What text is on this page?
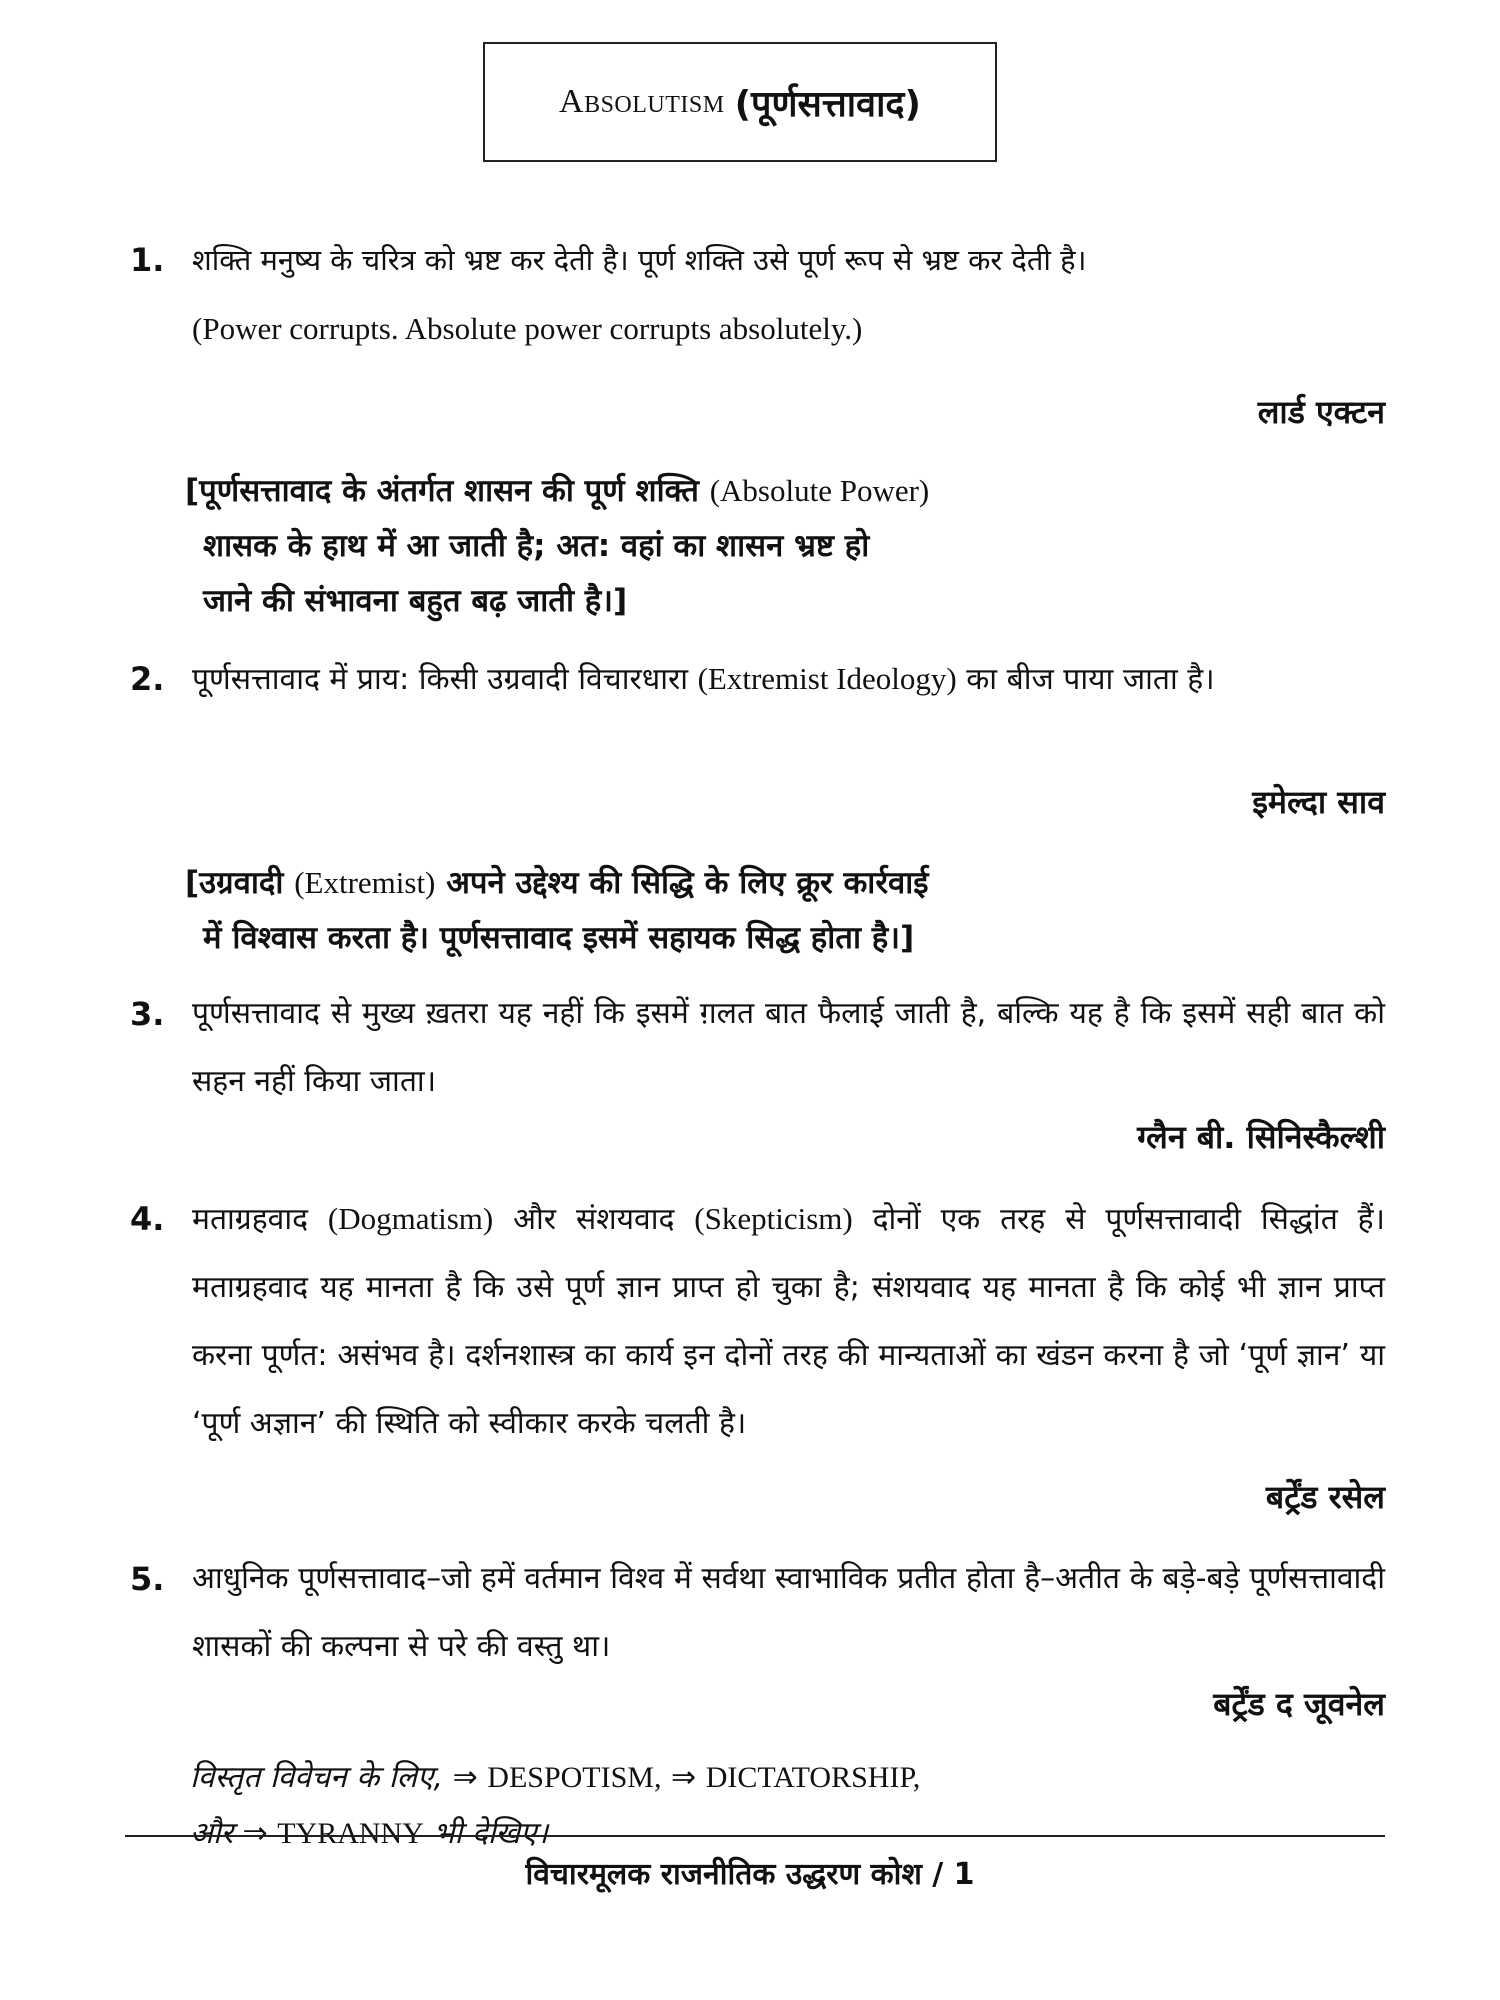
Absolutism (पूर्णसत्तावाद)
1. शक्ति मनुष्य के चरित्र को भ्रष्ट कर देती है। पूर्ण शक्ति उसे पूर्ण रूप से भ्रष्ट कर देती है।
(Power corrupts. Absolute power corrupts absolutely.)
लार्ड एक्टन
[पूर्णसत्तावाद के अंतर्गत शासन की पूर्ण शक्ति (Absolute Power)
शासक के हाथ में आ जाती है; अत: वहां का शासन भ्रष्ट हो
जाने की संभावना बहुत बढ़ जाती है।]
2. पूर्णसत्तावाद में प्राय: किसी उग्रवादी विचारधारा (Extremist Ideology) का बीज पाया जाता है।
इमेल्दा साव
[उग्रवादी (Extremist) अपने उद्देश्य की सिद्धि के लिए क्रूर कार्रवाई
में विश्वास करता है। पूर्णसत्तावाद इसमें सहायक सिद्ध होता है।]
3. पूर्णसत्तावाद से मुख्य ख़तरा यह नहीं कि इसमें ग़लत बात फैलाई जाती है, बल्कि यह है कि इसमें सही बात को सहन नहीं किया जाता।
ग्लैन बी. सिनिस्कैल्शी
4. मताग्रहवाद (Dogmatism) और संशयवाद (Skepticism) दोनों एक तरह से पूर्णसत्तावादी सिद्धांत हैं। मताग्रहवाद यह मानता है कि उसे पूर्ण ज्ञान प्राप्त हो चुका है; संशयवाद यह मानता है कि कोई भी ज्ञान प्राप्त करना पूर्णत: असंभव है। दर्शनशास्त्र का कार्य इन दोनों तरह की मान्यताओं का खंडन करना है जो ‘पूर्ण ज्ञान’ या ‘पूर्ण अज्ञान’ की स्थिति को स्वीकार करके चलती है।
बर्ट्रेंड रसेल
5. आधुनिक पूर्णसत्तावाद–जो हमें वर्तमान विश्व में सर्वथा स्वाभाविक प्रतीत होता है–अतीत के बड़े-बड़े पूर्णसत्तावादी शासकों की कल्पना से परे की वस्तु था।
बर्ट्रेंड द जूवनेल
विस्तृत विवेचन के लिए, ⇒ DESPOTISM, ⇒ DICTATORSHIP,
और ⇒ TYRANNY भी देखिए।
विचारमूलक राजनीतिक उद्धरण कोश / 1
